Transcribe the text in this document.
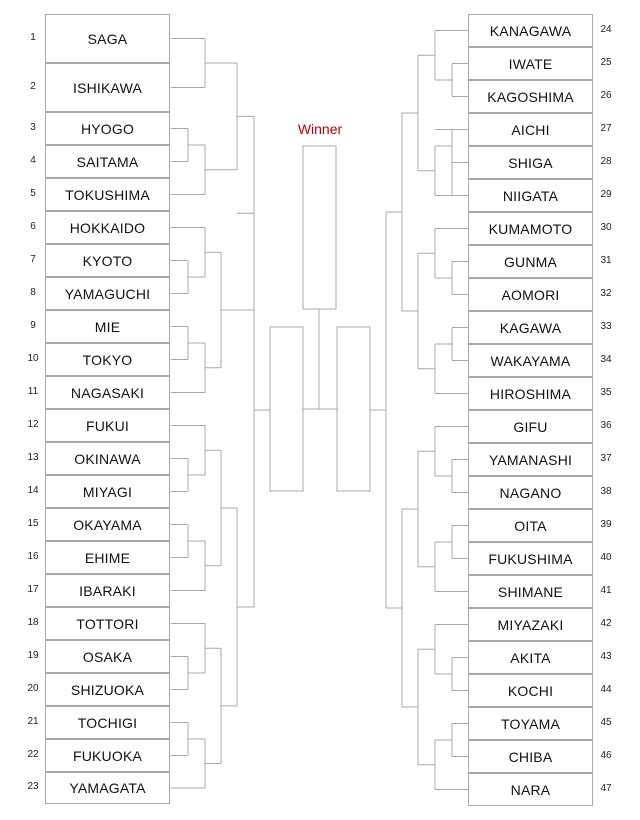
SAGA
1
ISHIKAWA
2
HYOGO
3
SAITAMA
4
TOKUSHIMA
5
HOKKAIDO
6
KYOTO
7
YAMAGUCHI
8
MIE
9
TOKYO
10
NAGASAKI
11
FUKUI
12
OKINAWA
13
MIYAGI
14
OKAYAMA
15
EHIME
16
IBARAKI
17
TOTTORI
18
OSAKA
19
SHIZUOKA
20
TOCHIGI
21
FUKUOKA
22
YAMAGATA
23
KANAGAWA	24
IWATE	25
KAGOSHIMA	26
AICHI	27
SHIGA	28
NIIGATA	29
KUMAMOTO	30
GUNMA	31
AOMORI	32
KAGAWA	33
WAKAYAMA	34
HIROSHIMA	35
GIFU	36
YAMANASHI	37
NAGANO	38
OITA	39
FUKUSHIMA	40
SHIMANE	41
MIYAZAKI	42
AKITA	43
KOCHI	44
TOYAMA	45
CHIBA	46
NARA	47
Winner
